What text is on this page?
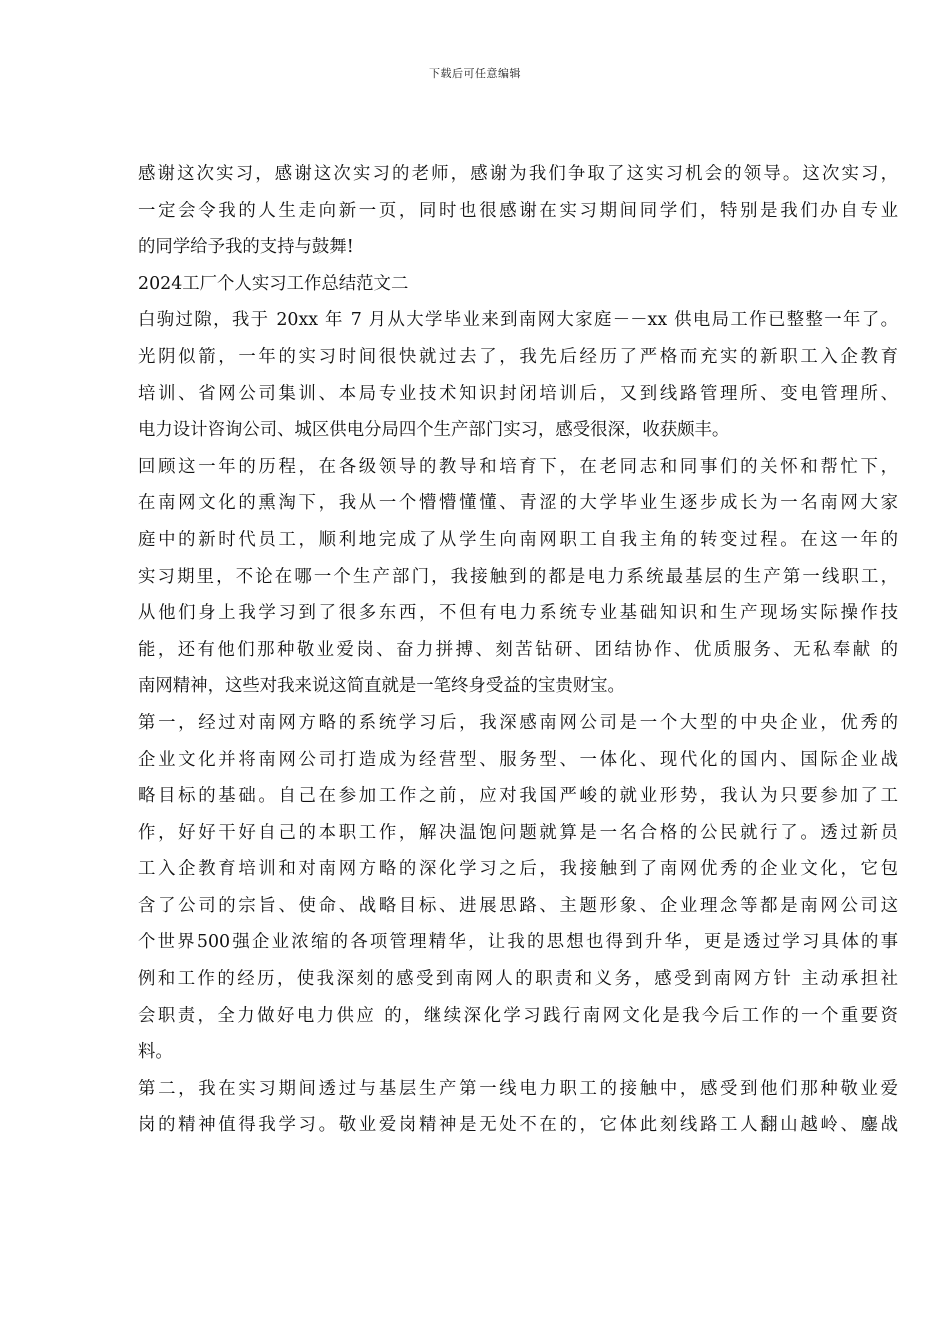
下载后可任意编辑
感谢这次实习，感谢这次实习的老师，感谢为我们争取了这实习机会的领导。这次实习，
一定会令我的人生走向新一页，同时也很感谢在实习期间同学们，特别是我们办自专业
的同学给予我的支持与鼓舞!
2024工厂个人实习工作总结范文二
白驹过隙，我于 20xx 年 7 月从大学毕业来到南网大家庭－－xx 供电局工作已整整一年了。
光阴似箭，一年的实习时间很快就过去了，我先后经历了严格而充实的新职工入企教育
培训、省网公司集训、本局专业技术知识封闭培训后，又到线路管理所、变电管理所、
电力设计咨询公司、城区供电分局四个生产部门实习，感受很深，收获颇丰。
回顾这一年的历程，在各级领导的教导和培育下，在老同志和同事们的关怀和帮忙下，
在南网文化的熏淘下，我从一个懵懵懂懂、青涩的大学毕业生逐步成长为一名南网大家
庭中的新时代员工，顺利地完成了从学生向南网职工自我主角的转变过程。在这一年的
实习期里，不论在哪一个生产部门，我接触到的都是电力系统最基层的生产第一线职工，
从他们身上我学习到了很多东西，不但有电力系统专业基础知识和生产现场实际操作技
能，还有他们那种敬业爱岗、奋力拼搏、刻苦钻研、团结协作、优质服务、无私奉献 的
南网精神，这些对我来说这简直就是一笔终身受益的宝贵财宝。
第一，经过对南网方略的系统学习后，我深感南网公司是一个大型的中央企业，优秀的
企业文化并将南网公司打造成为经营型、服务型、一体化、现代化的国内、国际企业战
略目标的基础。自己在参加工作之前，应对我国严峻的就业形势，我认为只要参加了工
作，好好干好自己的本职工作，解决温饱问题就算是一名合格的公民就行了。透过新员
工入企教育培训和对南网方略的深化学习之后，我接触到了南网优秀的企业文化，它包
含了公司的宗旨、使命、战略目标、进展思路、主题形象、企业理念等都是南网公司这
个世界500强企业浓缩的各项管理精华，让我的思想也得到升华，更是透过学习具体的事
例和工作的经历，使我深刻的感受到南网人的职责和义务，感受到南网方针 主动承担社
会职责，全力做好电力供应 的，继续深化学习践行南网文化是我今后工作的一个重要资
料。
第二，我在实习期间透过与基层生产第一线电力职工的接触中，感受到他们那种敬业爱
岗的精神值得我学习。敬业爱岗精神是无处不在的，它体此刻线路工人翻山越岭、鏖战
